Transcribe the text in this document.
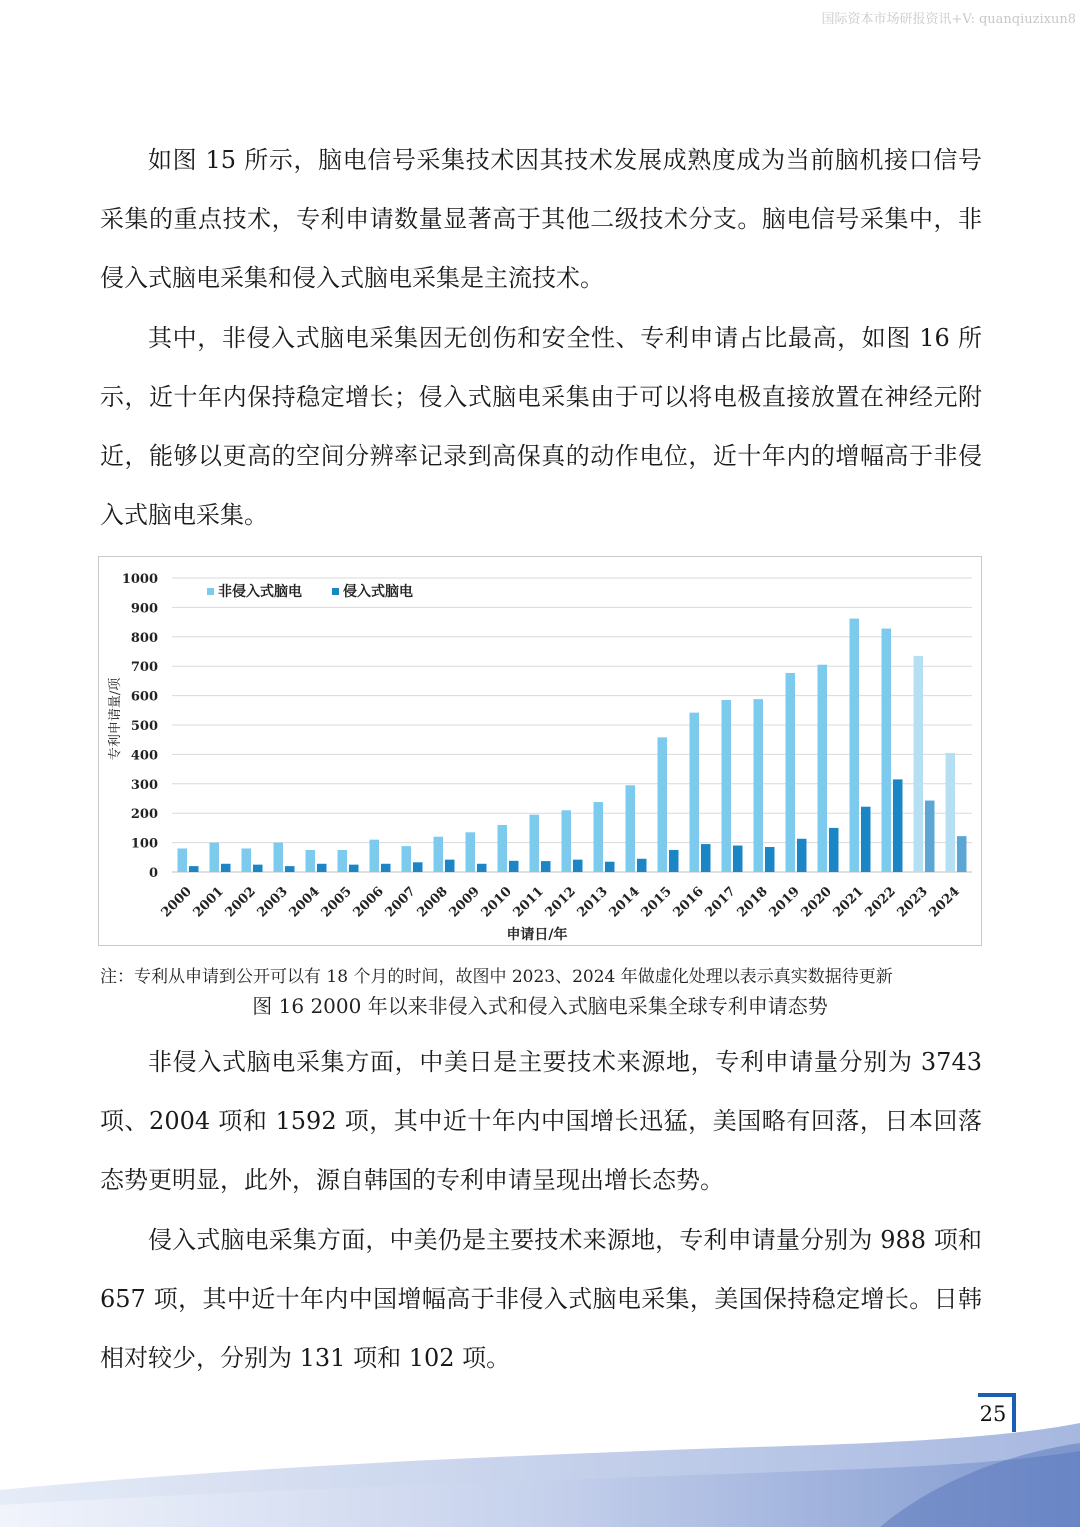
国际资本市场研报资讯+V: quanqiuzixun8

如图 15 所示，脑电信号采集技术因其技术发展成熟度成为当前脑机接口信号采集的重点技术，专利申请数量显著高于其他二级技术分支。脑电信号采集中，非侵入式脑电采集和侵入式脑电采集是主流技术。

其中，非侵入式脑电采集因无创伤和安全性、专利申请占比最高，如图 16 所示，近十年内保持稳定增长；侵入式脑电采集由于可以将电极直接放置在神经元附近，能够以更高的空间分辨率记录到高保真的动作电位，近十年内的增幅高于非侵入式脑电采集。

0
100
200
300
400
500
600
700
800
900
1000
2000
2001
2002
2003
2004
2005
2006
2007
2008
2009
2010
2011
2012
2013
2014
2015
2016
2017
2018
2019
2020
2021
2022
2023
2024
非侵入式脑电	侵入式脑电
申请日/年
专利申请量/项
注：专利从申请到公开可以有 18 个月的时间，故图中 2023、2024 年做虚化处理以表示真实数据待更新
图 16 2000 年以来非侵入式和侵入式脑电采集全球专利申请态势

非侵入式脑电采集方面，中美日是主要技术来源地，专利申请量分别为 3743 项、2004 项和 1592 项，其中近十年内中国增长迅猛，美国略有回落，日本回落态势更明显，此外，源自韩国的专利申请呈现出增长态势。

侵入式脑电采集方面，中美仍是主要技术来源地，专利申请量分别为 988 项和 657 项，其中近十年内中国增幅高于非侵入式脑电采集，美国保持稳定增长。日韩相对较少，分别为 131 项和 102 项。

25
